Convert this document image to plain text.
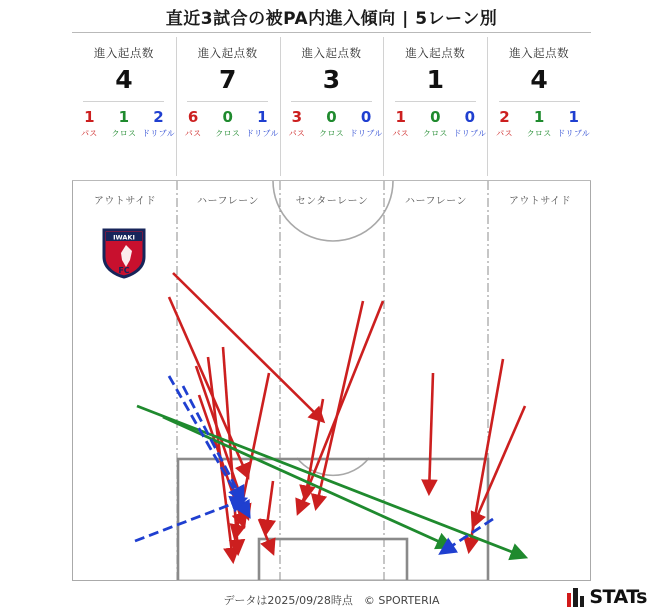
直近3試合の被PA内進入傾向 | 5レーン別
進入起点数
4
1
パス
1
クロス
2
ドリブル
進入起点数
7
6
パス
0
クロス
1
ドリブル
進入起点数
3
3
パス
0
クロス
0
ドリブル
進入起点数
1
1
パス
0
クロス
0
ドリブル
進入起点数
4
2
パス
1
クロス
1
ドリブル
アウトサイド	ハーフレーン	センターレーン	ハーフレーン	アウトサイド
IWAKI
FC
データは2025/09/28時点　© SPORTERIA	STATs
